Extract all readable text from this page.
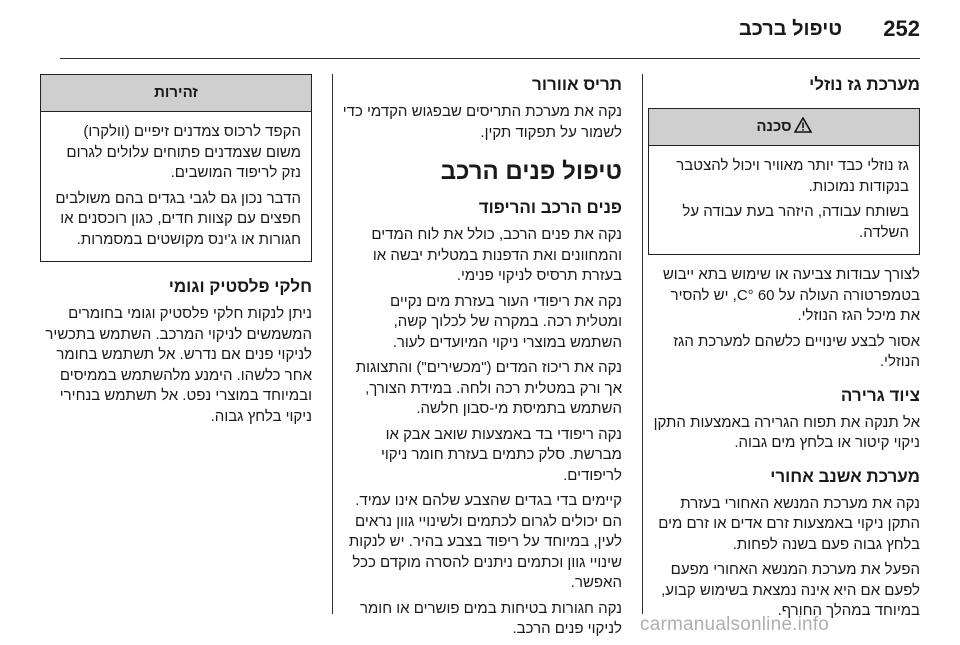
252
טיפול ברכב
מערכת גז נוזלי
סכנה

גז נוזלי כבד יותר מאוויר ויכול להצטבר בנקודות נמוכות.

בשותח עבודה, היזהר בעת עבודה על השלדה.

לצורך עבודות צביעה או שימוש בתא ייבוש בטמפרטורה העולה על 60 °C, יש להסיר את מיכל הגז הנוזלי.

אסור לבצע שינויים כלשהם למערכת הגז הנוזלי.

ציוד גרירה

אל תנקה את תפוח הגרירה באמצעות התקן ניקוי קיטור או בלחץ מים גבוה.

מערכת אשנב אחורי

נקה את מערכת המנשא האחורי בעזרת התקן ניקוי באמצעות זרם אדים או זרם מים בלחץ גבוה פעם בשנה לפחות.

הפעל את מערכת המנשא האחורי מפעם לפעם אם היא אינה נמצאת בשימוש קבוע, במיוחד במהלך החורף.

תריס אוורור

נקה את מערכת התריסים שבפגוש הקדמי כדי לשמור על תפקוד תקין.

טיפול פנים הרכב
פנים הרכב והריפוד

נקה את פנים הרכב, כולל את לוח המדים והמחוונים ואת הדפנות במטלית יבשה או בעזרת תרסיס לניקוי פנימי.

נקה את ריפודי העור בעזרת מים נקיים ומטלית רכה. במקרה של לכלוך קשה, השתמש במוצרי ניקוי המיועדים לעור.

נקה את ריכוז המדים ("מכשירים") והתצוגות אך ורק במטלית רכה ולחה. במידת הצורך, השתמש בתמיסת מי-סבון חלשה.

נקה ריפודי בד באמצעות שואב אבק או מברשת. סלק כתמים בעזרת חומר ניקוי לריפודים.

קיימים בדי בגדים שהצבע שלהם אינו עמיד. הם יכולים לגרום לכתמים ולשינויי גוון נראים לעין, במיוחד על ריפוד בצבע בהיר. יש לנקות שינויי גוון וכתמים ניתנים להסרה מוקדם ככל האפשר.

נקה חגורות בטיחות במים פושרים או חומר לניקוי פנים הרכב.

זהירות

הקפד לרכוס צמדנים זיפיים (וולקרו) משום שצמדנים פתוחים עלולים לגרום נזק לריפוד המושבים.

הדבר נכון גם לגבי בגדים בהם משולבים חפצים עם קצוות חדים, כגון רוכסנים או חגורות או ג'ינס מקושטים במסמרות.

חלקי פלסטיק וגומי

ניתן לנקות חלקי פלסטיק וגומי בחומרים המשמשים לניקוי המרכב. השתמש בתכשיר לניקוי פנים אם נדרש. אל תשתמש בחומר אחר כלשהו. הימנע מלהשתמש בממיסים ובמיוחד במוצרי נפט. אל תשתמש בנחירי ניקוי בלחץ גבוה.

carmanualsonline.info
